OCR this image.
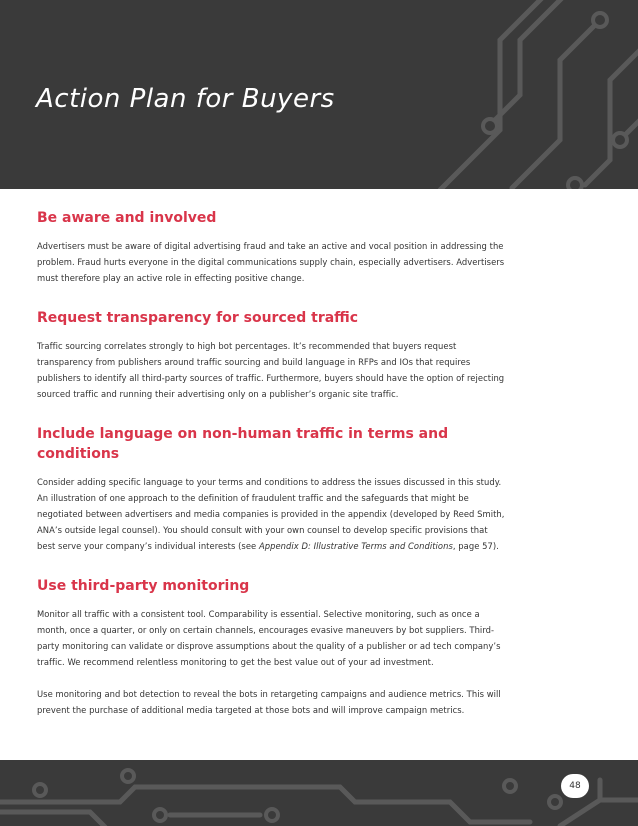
Action Plan for Buyers
Be aware and involved

Advertisers must be aware of digital advertising fraud and take an active and vocal position in addressing the problem. Fraud hurts everyone in the digital communications supply chain, especially advertisers. Advertisers must therefore play an active role in effecting positive change.

Request transparency for sourced traffic

Traffic sourcing correlates strongly to high bot percentages. It’s recommended that buyers request transparency from publishers around traffic sourcing and build language in RFPs and IOs that requires publishers to identify all third-party sources of traffic. Furthermore, buyers should have the option of rejecting sourced traffic and running their advertising only on a publisher’s organic site traffic.

Include language on non-human traffic in terms and conditions

Consider adding specific language to your terms and conditions to address the issues discussed in this study. An illustration of one approach to the definition of fraudulent traffic and the safeguards that might be negotiated between advertisers and media companies is provided in the appendix (developed by Reed Smith, ANA’s outside legal counsel). You should consult with your own counsel to develop specific provisions that best serve your company’s individual interests (see Appendix D: Illustrative Terms and Conditions, page 57).

Use third-party monitoring

Monitor all traffic with a consistent tool. Comparability is essential. Selective monitoring, such as once a month, once a quarter, or only on certain channels, encourages evasive maneuvers by bot suppliers. Third-party monitoring can validate or disprove assumptions about the quality of a publisher or ad tech company’s traffic. We recommend relentless monitoring to get the best value out of your ad investment.

Use monitoring and bot detection to reveal the bots in retargeting campaigns and audience metrics. This will prevent the purchase of additional media targeted at those bots and will improve campaign metrics.

48
